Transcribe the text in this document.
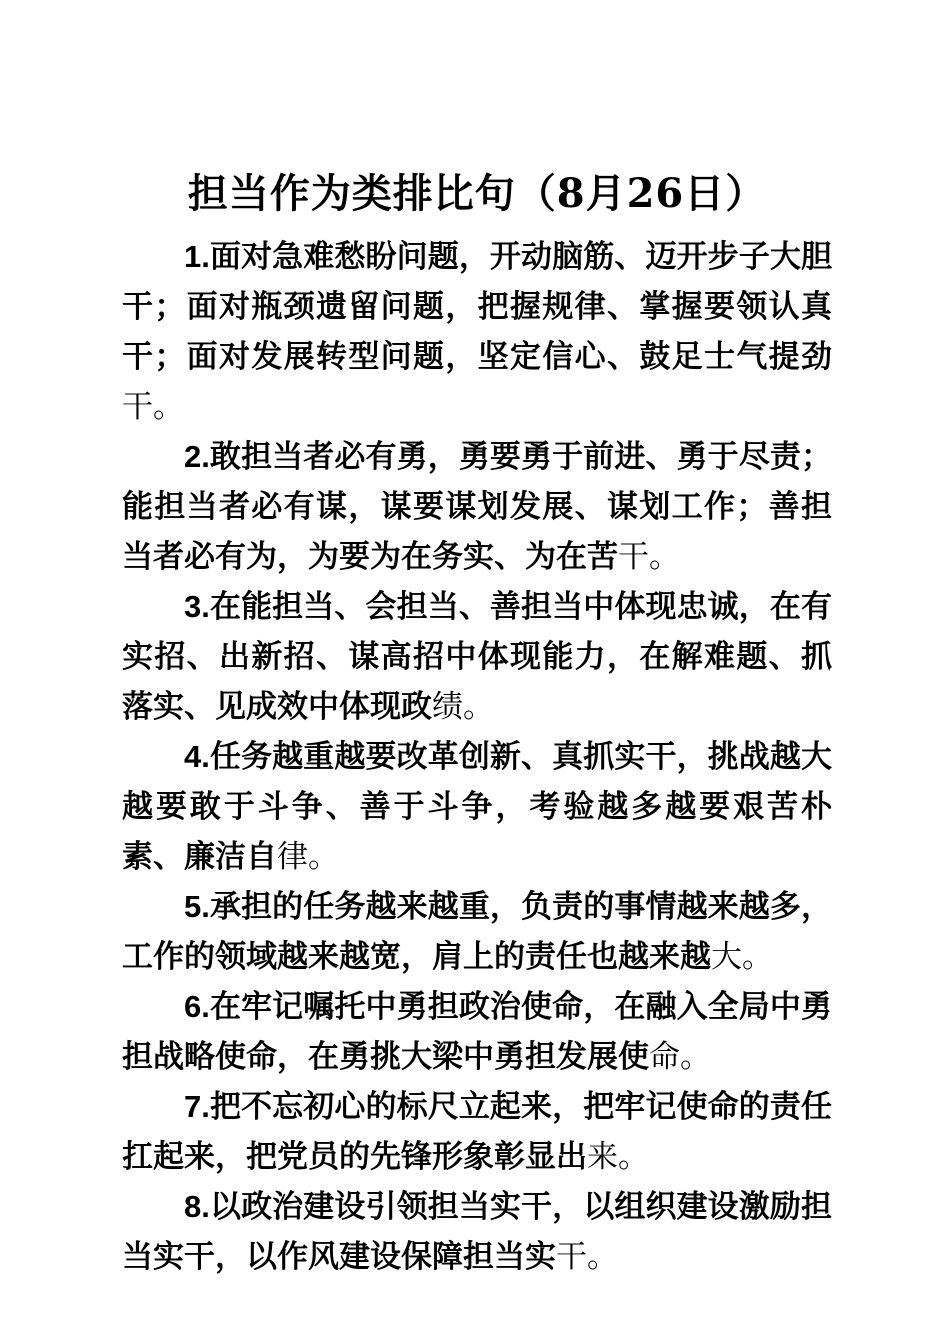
担当作为类排比句（8月26日）

1.面对急难愁盼问题，开动脑筋、迈开步子大胆干；面对瓶颈遗留问题，把握规律、掌握要领认真干；面对发展转型问题，坚定信心、鼓足士气提劲干。

2.敢担当者必有勇，勇要勇于前进、勇于尽责；能担当者必有谋，谋要谋划发展、谋划工作；善担当者必有为，为要为在务实、为在苦干。

3.在能担当、会担当、善担当中体现忠诚，在有实招、出新招、谋高招中体现能力，在解难题、抓落实、见成效中体现政绩。

4.任务越重越要改革创新、真抓实干，挑战越大越要敢于斗争、善于斗争，考验越多越要艰苦朴素、廉洁自律。

5.承担的任务越来越重，负责的事情越来越多，工作的领域越来越宽，肩上的责任也越来越大。

6.在牢记嘱托中勇担政治使命，在融入全局中勇担战略使命，在勇挑大梁中勇担发展使命。

7.把不忘初心的标尺立起来，把牢记使命的责任扛起来，把党员的先锋形象彰显出来。

8.以政治建设引领担当实干，以组织建设激励担当实干，以作风建设保障担当实干。
